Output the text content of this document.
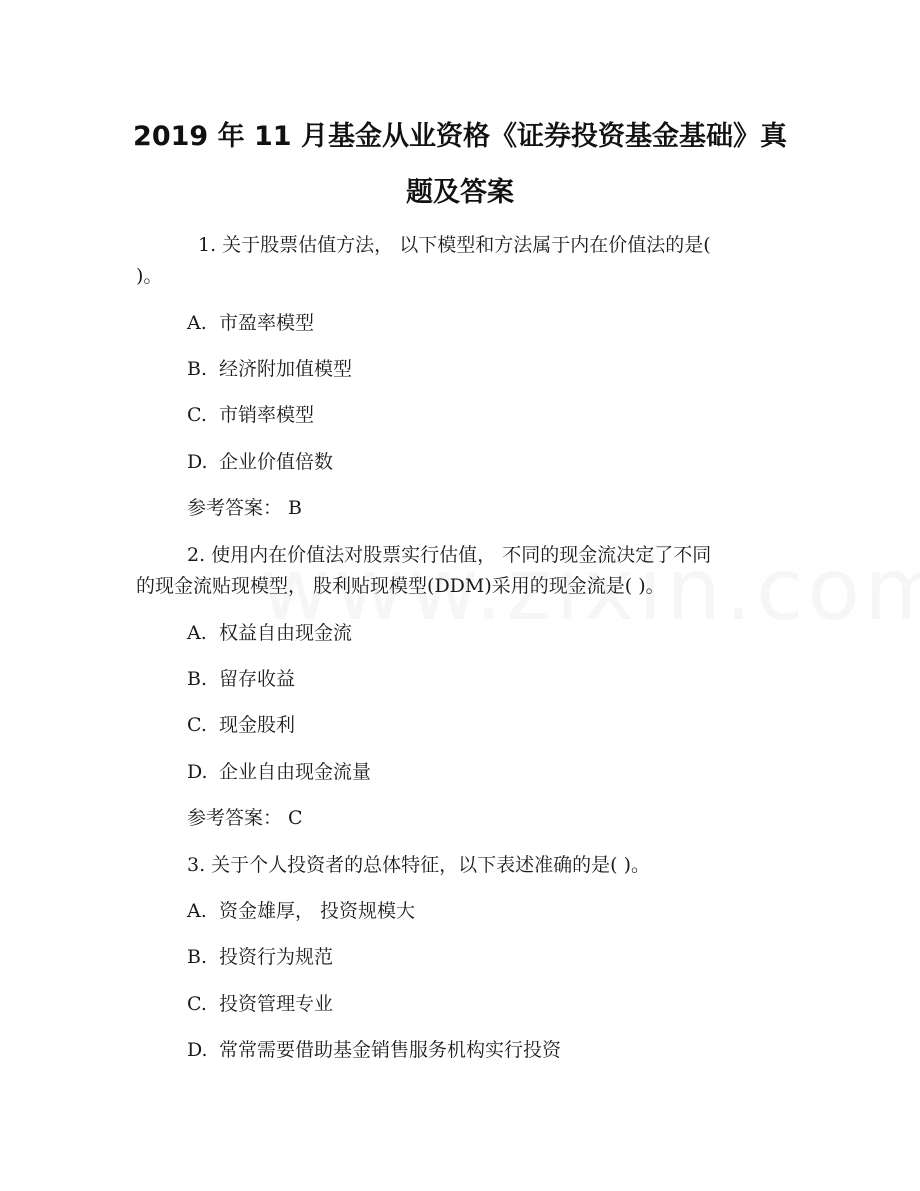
2019 年 11 月基金从业资格《证券投资基金基础》真
题及答案
1. 关于股票估值方法， 以下模型和方法属于内在价值法的是(
)。
A. 市盈率模型
B. 经济附加值模型
C. 市销率模型
D. 企业价值倍数
参考答案： B
2. 使用内在价值法对股票实行估值， 不同的现金流决定了不同
的现金流贴现模型， 股利贴现模型(DDM)采用的现金流是( )。
A. 权益自由现金流
B. 留存收益
C. 现金股利
D. 企业自由现金流量
参考答案： C
3. 关于个人投资者的总体特征，以下表述准确的是( )。
A. 资金雄厚， 投资规模大
B. 投资行为规范
C. 投资管理专业
D. 常常需要借助基金销售服务机构实行投资
